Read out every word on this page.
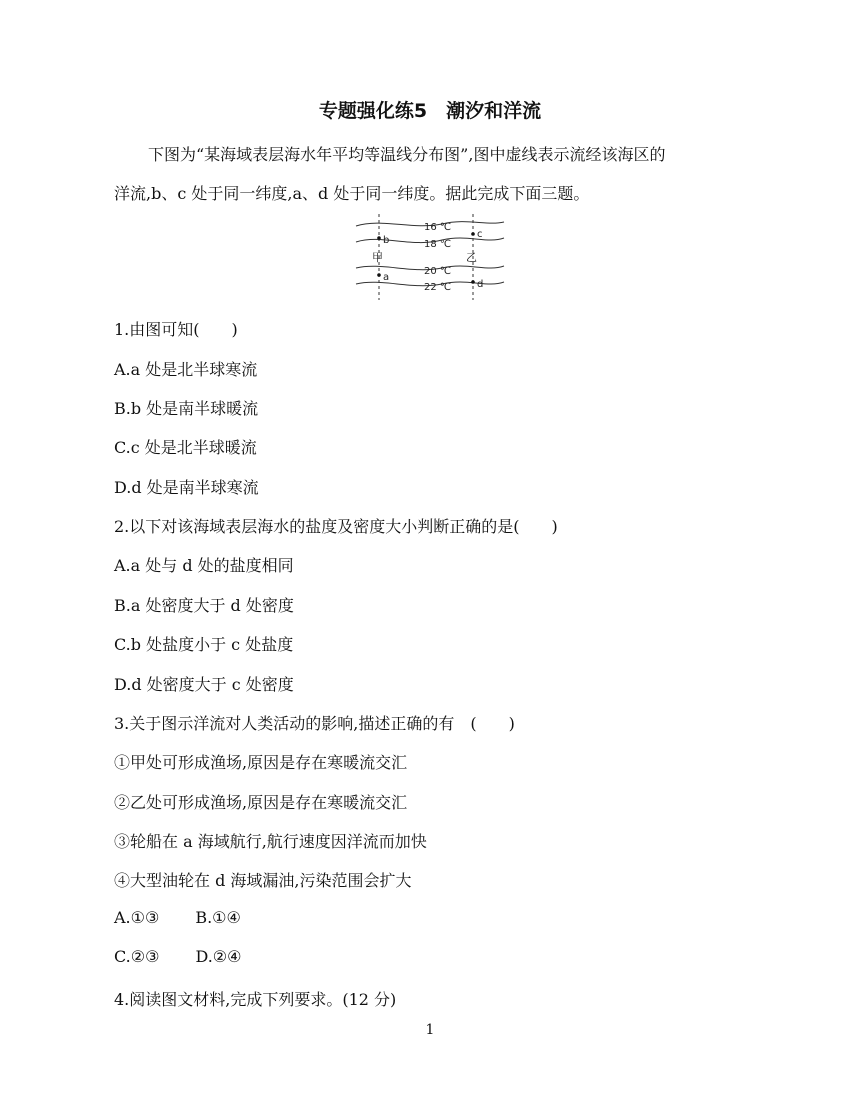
专题强化练5　潮汐和洋流
下图为“某海域表层海水年平均等温线分布图”,图中虚线表示流经该海区的
洋流,b、c 处于同一纬度,a、d 处于同一纬度。据此完成下面三题。
16 ℃
18 ℃
20 ℃
22 ℃
b
a
c
d
甲	乙
1.由图可知(　　)
A.a 处是北半球寒流
B.b 处是南半球暖流
C.c 处是北半球暖流
D.d 处是南半球寒流
2.以下对该海域表层海水的盐度及密度大小判断正确的是(　　)
A.a 处与 d 处的盐度相同
B.a 处密度大于 d 处密度
C.b 处盐度小于 c 处盐度
D.d 处密度大于 c 处密度
3.关于图示洋流对人类活动的影响,描述正确的有　(　　)
①甲处可形成渔场,原因是存在寒暖流交汇
②乙处可形成渔场,原因是存在寒暖流交汇
③轮船在 a 海域航行,航行速度因洋流而加快
④大型油轮在 d 海域漏油,污染范围会扩大
A.①③ B.①④
C.②③ D.②④
4.阅读图文材料,完成下列要求。(12 分)
1
